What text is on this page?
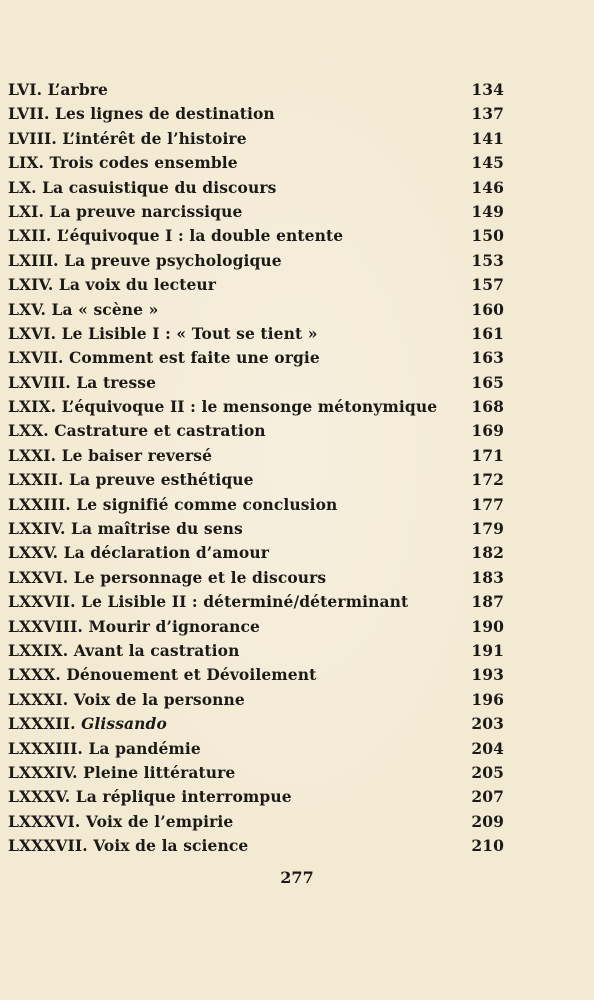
LVI. L’arbre	134
LVII. Les lignes de destination	137
LVIII. L’intérêt de l’histoire	141
LIX. Trois codes ensemble	145
LX. La casuistique du discours	146
LXI. La preuve narcissique	149
LXII. L’équivoque I : la double entente	150
LXIII. La preuve psychologique	153
LXIV. La voix du lecteur	157
LXV. La « scène »	160
LXVI. Le Lisible I : « Tout se tient »	161
LXVII. Comment est faite une orgie	163
LXVIII. La tresse	165
LXIX. L’équivoque II : le mensonge métonymique	168
LXX. Castrature et castration	169
LXXI. Le baiser reversé	171
LXXII. La preuve esthétique	172
LXXIII. Le signifié comme conclusion	177
LXXIV. La maîtrise du sens	179
LXXV. La déclaration d’amour	182
LXXVI. Le personnage et le discours	183
LXXVII. Le Lisible II : déterminé/déterminant	187
LXXVIII. Mourir d’ignorance	190
LXXIX. Avant la castration	191
LXXX. Dénouement et Dévoilement	193
LXXXI. Voix de la personne	196
LXXXII. Glissando	203
LXXXIII. La pandémie	204
LXXXIV. Pleine littérature	205
LXXXV. La réplique interrompue	207
LXXXVI. Voix de l’empirie	209
LXXXVII. Voix de la science	210
277
